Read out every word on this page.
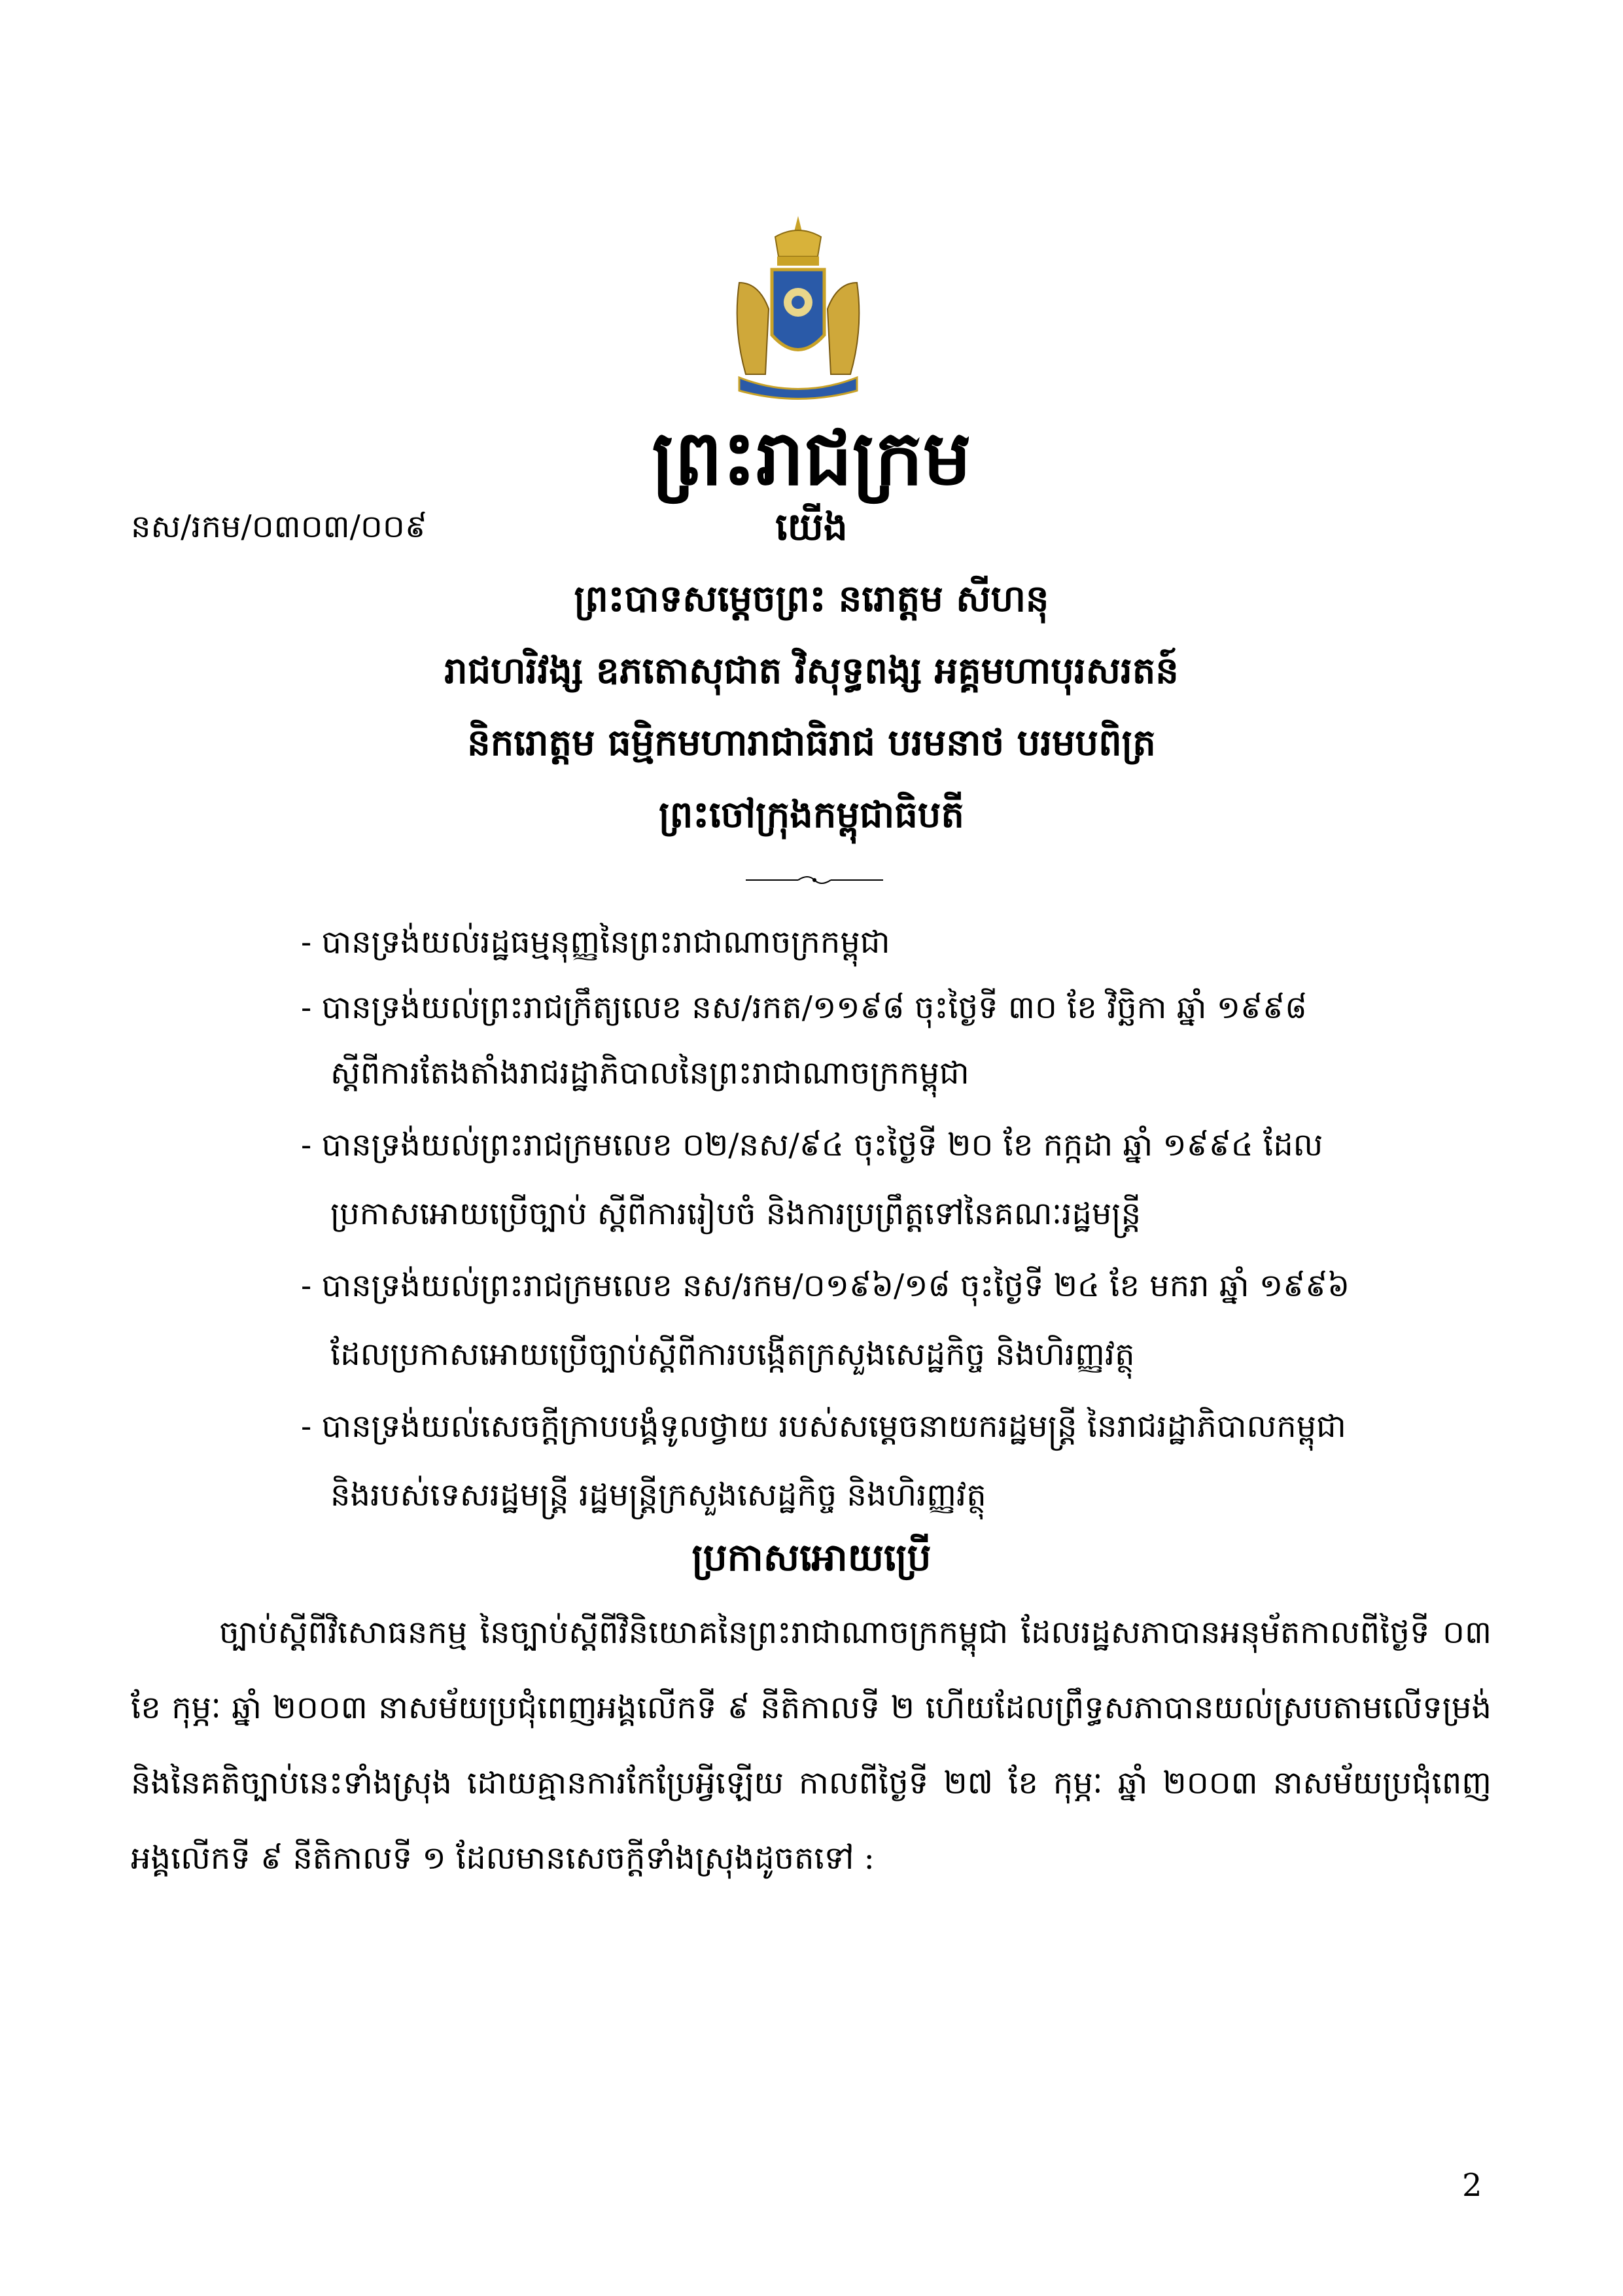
ព្រះរាជក្រម
នស/រកម/០៣០៣/០០៩	យើង
ព្រះបាទសម្តេចព្រះ នរោត្តម សីហនុ
រាជហរិវង្ស ឧភតោសុជាត វិសុទ្ធពង្ស អគ្គមហាបុរសរតន៍
និករោត្តម ធម្មិកមហារាជាធិរាជ បរមនាថ បរមបពិត្រ
ព្រះចៅក្រុងកម្ពុជាធិបតី
- បានទ្រង់យល់រដ្ឋធម្មនុញ្ញនៃព្រះរាជាណាចក្រកម្ពុជា
- បានទ្រង់យល់ព្រះរាជក្រឹត្យលេខ នស/រកត/១១៩៨ ចុះថ្ងៃទី ៣០ ខែ វិច្ឆិកា ឆ្នាំ ១៩៩៨
ស្តីពីការតែងតាំងរាជរដ្ឋាភិបាលនៃព្រះរាជាណាចក្រកម្ពុជា
- បានទ្រង់យល់ព្រះរាជក្រមលេខ ០២/នស/៩៤ ចុះថ្ងៃទី ២០ ខែ កក្កដា ឆ្នាំ ១៩៩៤ ដែល
ប្រកាសអោយប្រើច្បាប់ ស្តីពីការរៀបចំ និងការប្រព្រឹត្តទៅនៃគណៈរដ្ឋមន្ត្រី
- បានទ្រង់យល់ព្រះរាជក្រមលេខ នស/រកម/០១៩៦/១៨ ចុះថ្ងៃទី ២៤ ខែ មករា ឆ្នាំ ១៩៩៦
ដែលប្រកាសអោយប្រើច្បាប់ស្តីពីការបង្កើតក្រសួងសេដ្ឋកិច្ច និងហិរញ្ញវត្ថុ
- បានទ្រង់យល់សេចក្តីក្រាបបង្គំទូលថ្វាយ របស់សម្តេចនាយករដ្ឋមន្ត្រី នៃរាជរដ្ឋាភិបាលកម្ពុជា
និងរបស់ទេសរដ្ឋមន្ត្រី រដ្ឋមន្ត្រីក្រសួងសេដ្ឋកិច្ច និងហិរញ្ញវត្ថុ
ប្រកាសអោយប្រើ
ច្បាប់ស្តីពីវិសោធនកម្ម នៃច្បាប់ស្តីពីវិនិយោគនៃព្រះរាជាណាចក្រកម្ពុជា ដែលរដ្ឋសភាបានអនុម័តកាលពីថ្ងៃទី ០៣
ខែ កុម្ភៈ ឆ្នាំ ២០០៣ នាសម័យប្រជុំពេញអង្គលើកទី ៩ នីតិកាលទី ២ ហើយដែលព្រឹទ្ធសភាបានយល់ស្របតាមលើទម្រង់
និងនៃគតិច្បាប់នេះទាំងស្រុង ដោយគ្មានការកែប្រែអ្វីឡើយ កាលពីថ្ងៃទី ២៧ ខែ កុម្ភៈ ឆ្នាំ ២០០៣ នាសម័យប្រជុំពេញ
អង្គលើកទី ៩ នីតិកាលទី ១ ដែលមានសេចក្តីទាំងស្រុងដូចតទៅ :
2
